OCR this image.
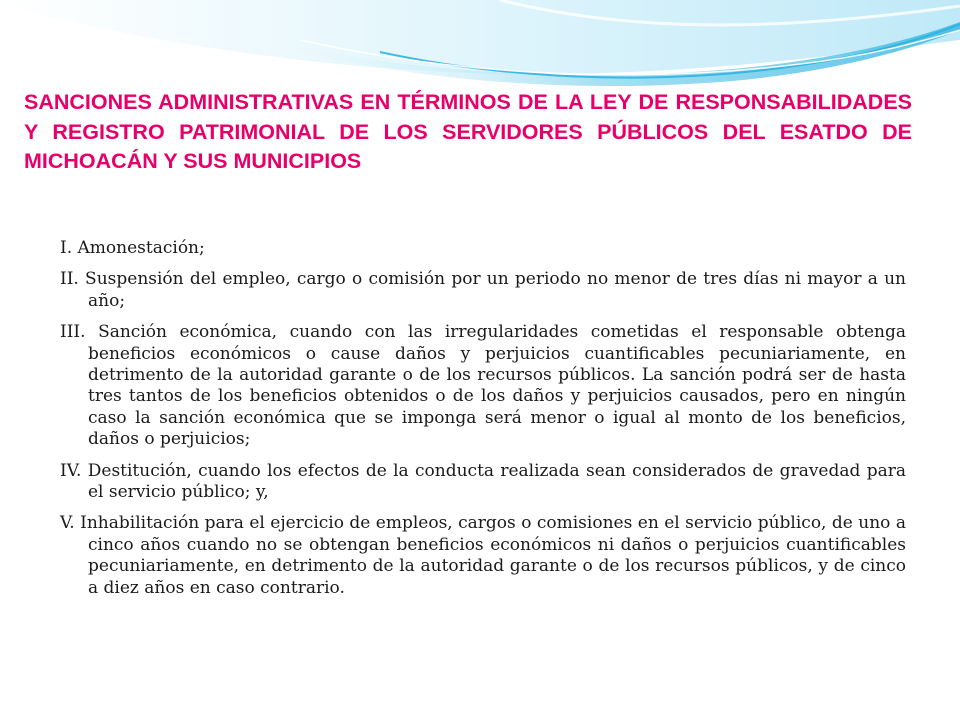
SANCIONES ADMINISTRATIVAS EN TÉRMINOS DE LA LEY DE RESPONSABILIDADES Y REGISTRO PATRIMONIAL DE LOS SERVIDORES PÚBLICOS DEL ESATDO DE MICHOACÁN Y SUS MUNICIPIOS
I. Amonestación;
II. Suspensión del empleo, cargo o comisión por un periodo no menor de tres días ni mayor a un año;
III. Sanción económica, cuando con las irregularidades cometidas el responsable obtenga beneficios económicos o cause daños y perjuicios cuantificables pecuniariamente, en detrimento de la autoridad garante o de los recursos públicos. La sanción podrá ser de hasta tres tantos de los beneficios obtenidos o de los daños y perjuicios causados, pero en ningún caso la sanción económica que se imponga será menor o igual al monto de los beneficios, daños o perjuicios;
IV. Destitución, cuando los efectos de la conducta realizada sean considerados de gravedad para el servicio público; y,
V. Inhabilitación para el ejercicio de empleos, cargos o comisiones en el servicio público, de uno a cinco años cuando no se obtengan beneficios económicos ni daños o perjuicios cuantificables pecuniariamente, en detrimento de la autoridad garante o de los recursos públicos, y de cinco a diez años en caso contrario.
